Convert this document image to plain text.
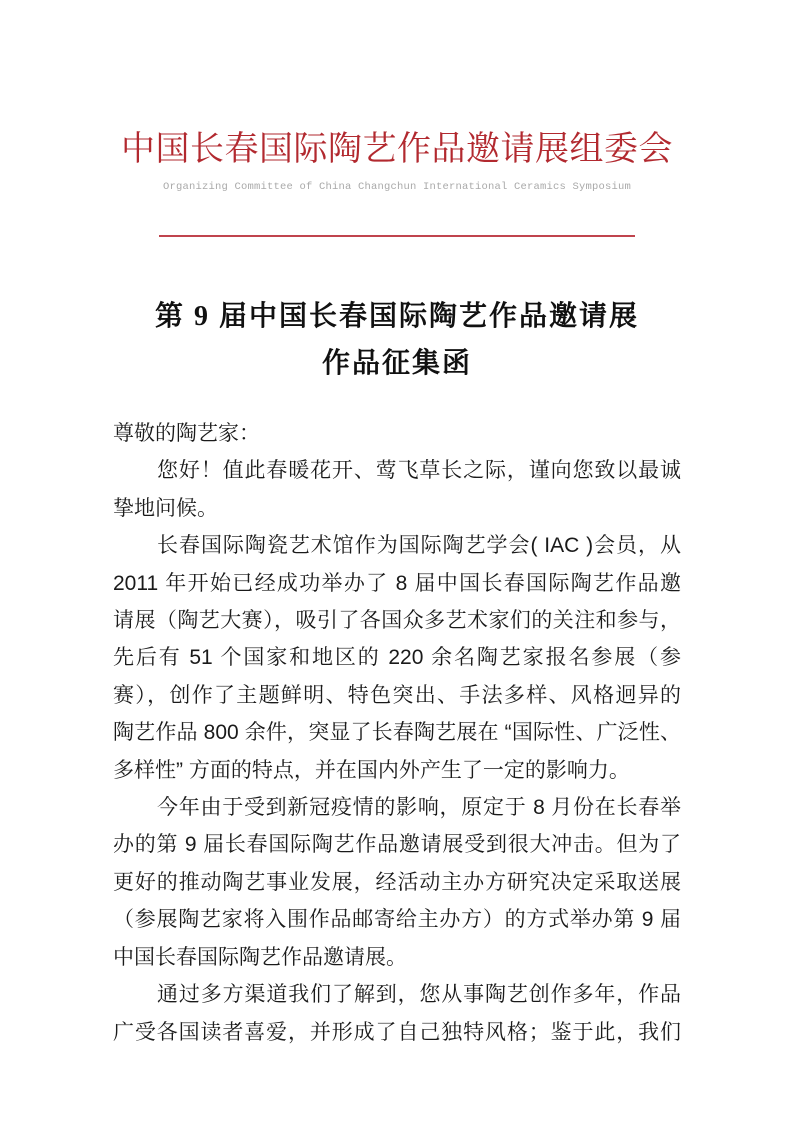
中国长春国际陶艺作品邀请展组委会
Organizing Committee of China Changchun International Ceramics Symposium
第 9 届中国长春国际陶艺作品邀请展
作品征集函
尊敬的陶艺家：
您好！值此春暖花开、莺飞草长之际，谨向您致以最诚
挚地问候。
长春国际陶瓷艺术馆作为国际陶艺学会( IAC )会员，从
2011 年开始已经成功举办了 8 届中国长春国际陶艺作品邀
请展（陶艺大赛），吸引了各国众多艺术家们的关注和参与，
先后有 51 个国家和地区的 220 余名陶艺家报名参展（参
赛），创作了主题鲜明、特色突出、手法多样、风格迥异的
陶艺作品 800 余件，突显了长春陶艺展在 “国际性、广泛性、
多样性” 方面的特点，并在国内外产生了一定的影响力。
今年由于受到新冠疫情的影响，原定于 8 月份在长春举
办的第 9 届长春国际陶艺作品邀请展受到很大冲击。但为了
更好的推动陶艺事业发展，经活动主办方研究决定采取送展
（参展陶艺家将入围作品邮寄给主办方）的方式举办第 9 届
中国长春国际陶艺作品邀请展。
通过多方渠道我们了解到，您从事陶艺创作多年，作品
广受各国读者喜爱，并形成了自己独特风格；鉴于此，我们
